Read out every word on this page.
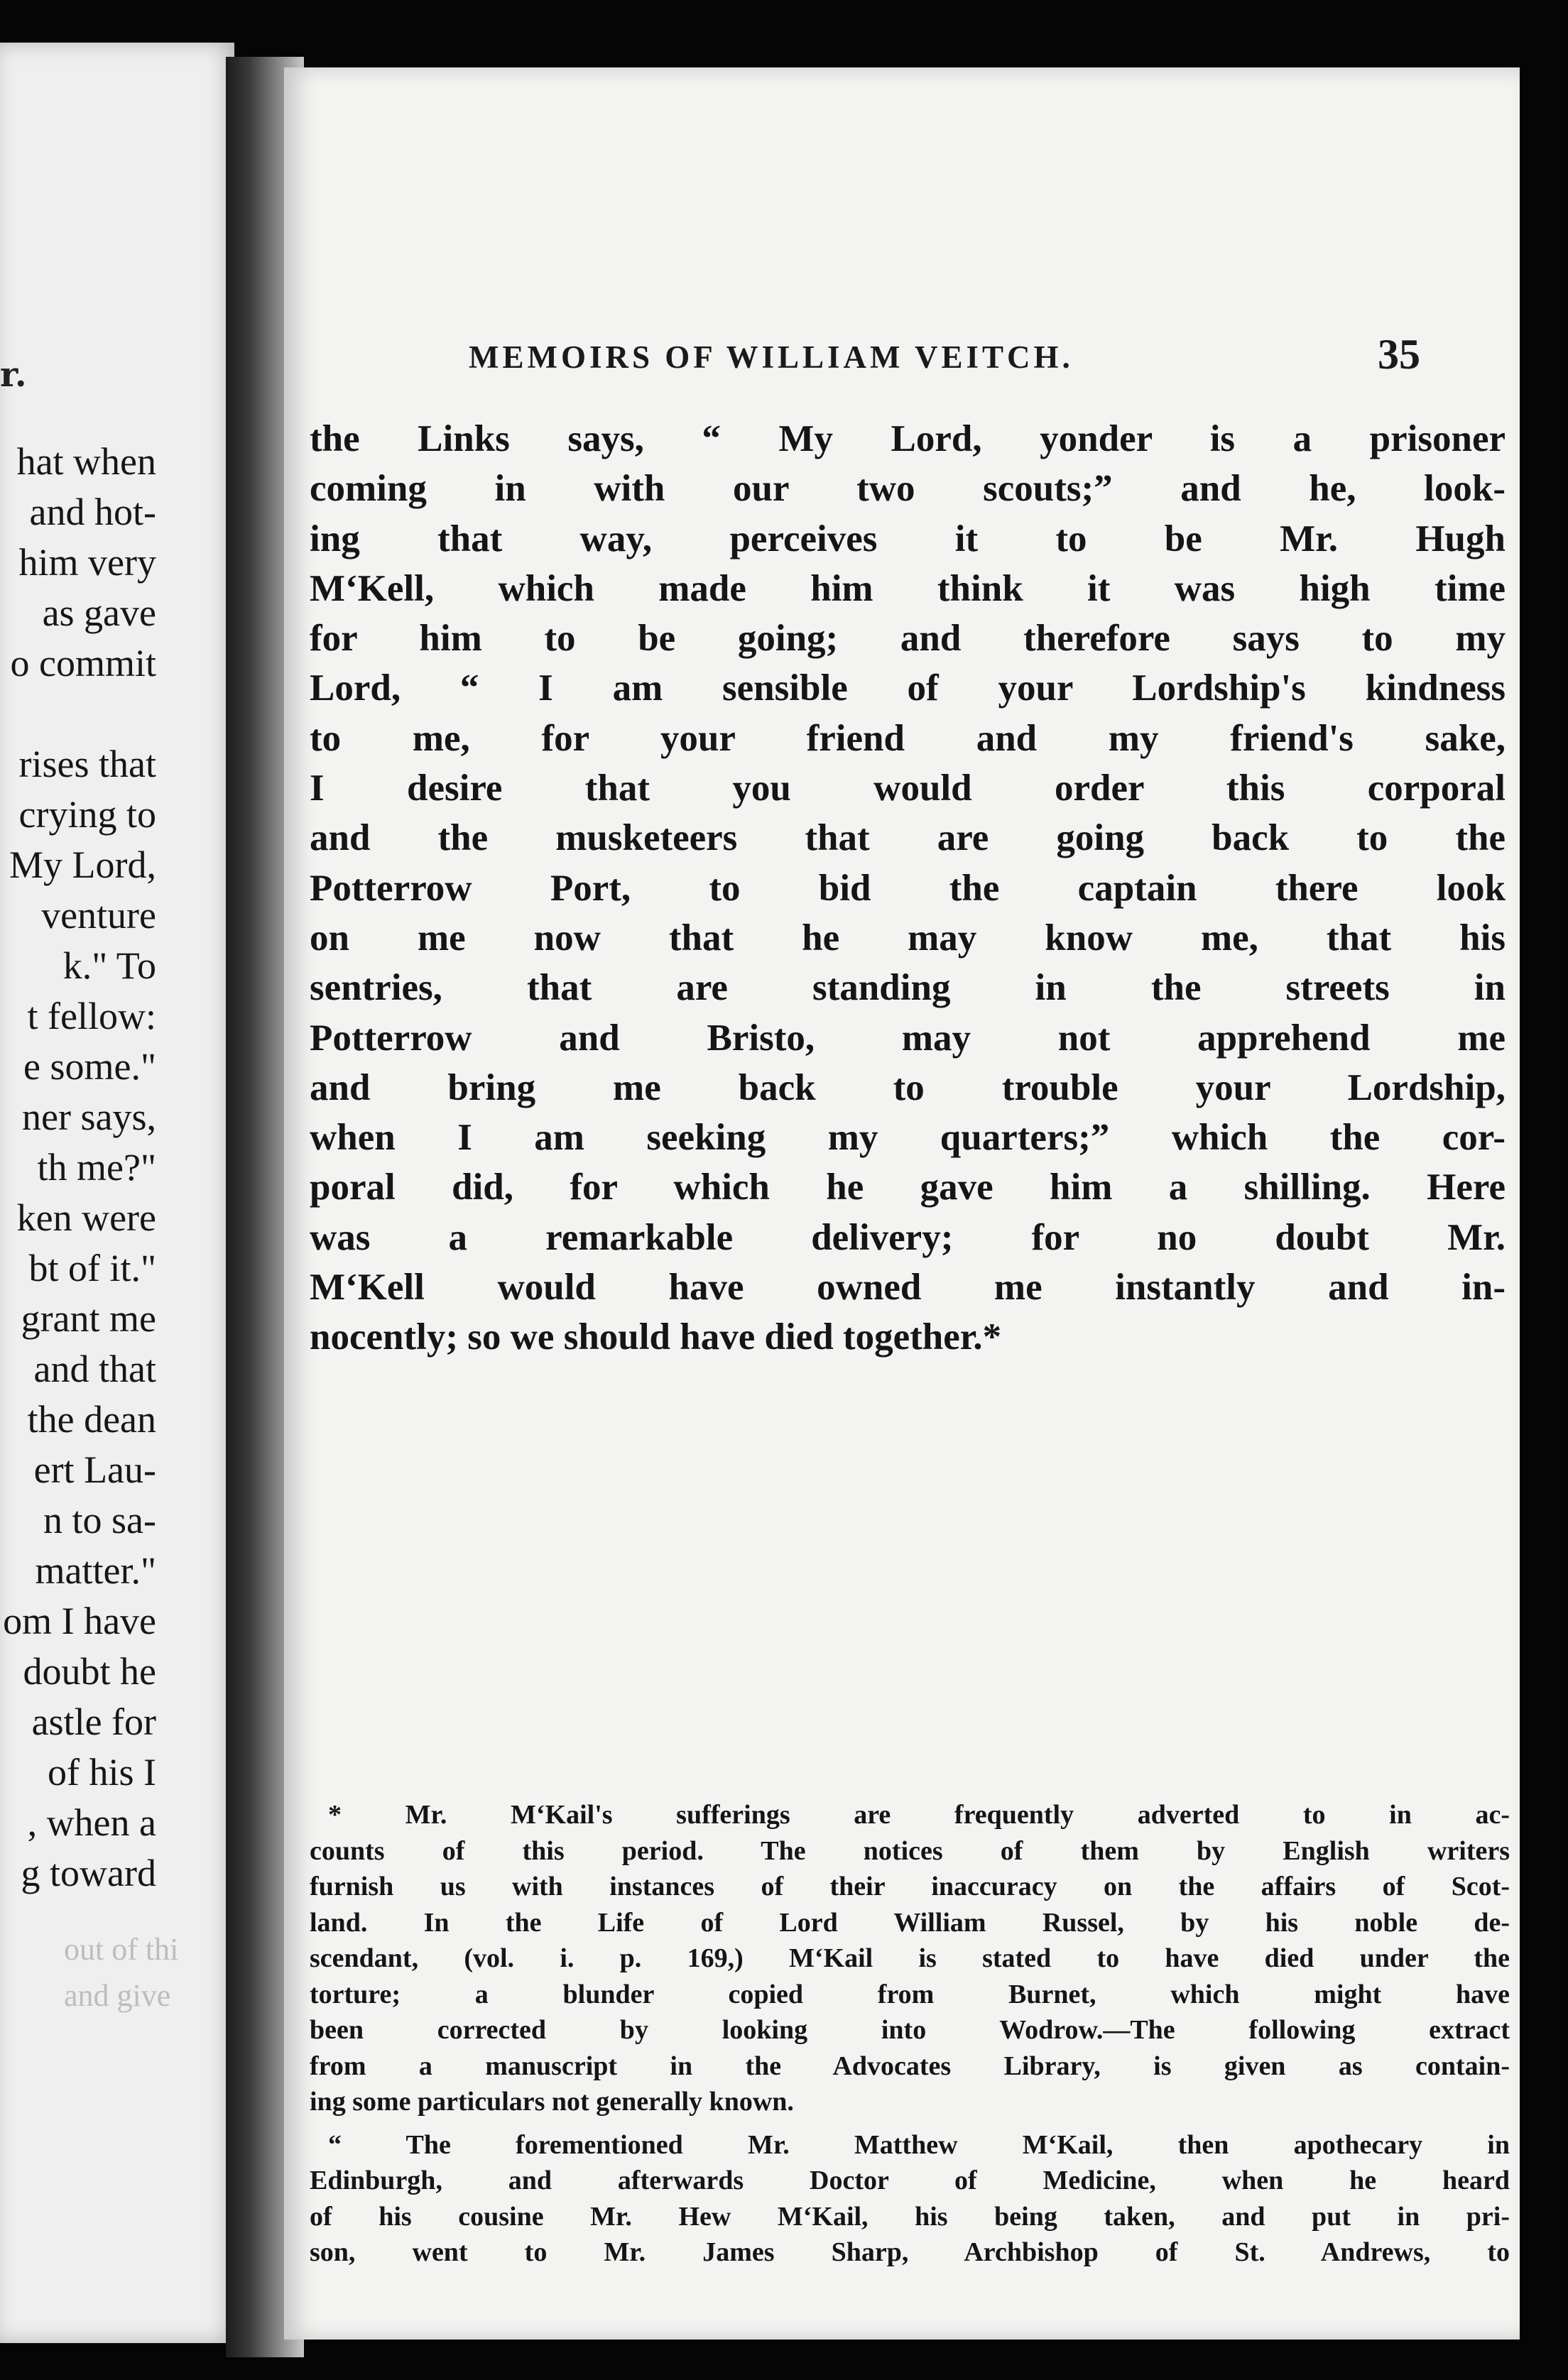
r.
hat when
and hot-
him very
as gave
o commit

rises that
crying to
My Lord,
venture
k." To
t fellow:
e some."
ner says,
th me?"
ken were
bt of it."
grant me
and that
the dean
ert Lau-
n to sa-
matter."
om I have
doubt he
astle for
of his I
, when a
g toward
out of thi
and give

MEMOIRS OF WILLIAM VEITCH.	35
the Links says, “ My Lord, yonder is a prisoner
coming in with our two scouts;” and he, look-
ing that way, perceives it to be Mr. Hugh
M‘Kell, which made him think it was high time
for him to be going; and therefore says to my
Lord, “ I am sensible of your Lordship's kindness
to me, for your friend and my friend's sake,
I desire that you would order this corporal
and the musketeers that are going back to the
Potterrow Port, to bid the captain there look
on me now that he may know me, that his
sentries, that are standing in the streets in
Potterrow and Bristo, may not apprehend me
and bring me back to trouble your Lordship,
when I am seeking my quarters;” which the cor-
poral did, for which he gave him a shilling. Here
was a remarkable delivery; for no doubt Mr.
M‘Kell would have owned me instantly and in-
nocently; so we should have died together.*
* Mr. M‘Kail's sufferings are frequently adverted to in ac-
counts of this period. The notices of them by English writers
furnish us with instances of their inaccuracy on the affairs of Scot-
land. In the Life of Lord William Russel, by his noble de-
scendant, (vol. i. p. 169,) M‘Kail is stated to have died under the
torture; a blunder copied from Burnet, which might have
been corrected by looking into Wodrow.—The following extract
from a manuscript in the Advocates Library, is given as contain-
ing some particulars not generally known.
“ The forementioned Mr. Matthew M‘Kail, then apothecary in
Edinburgh, and afterwards Doctor of Medicine, when he heard
of his cousine Mr. Hew M‘Kail, his being taken, and put in pri-
son, went to Mr. James Sharp, Archbishop of St. Andrews, to
